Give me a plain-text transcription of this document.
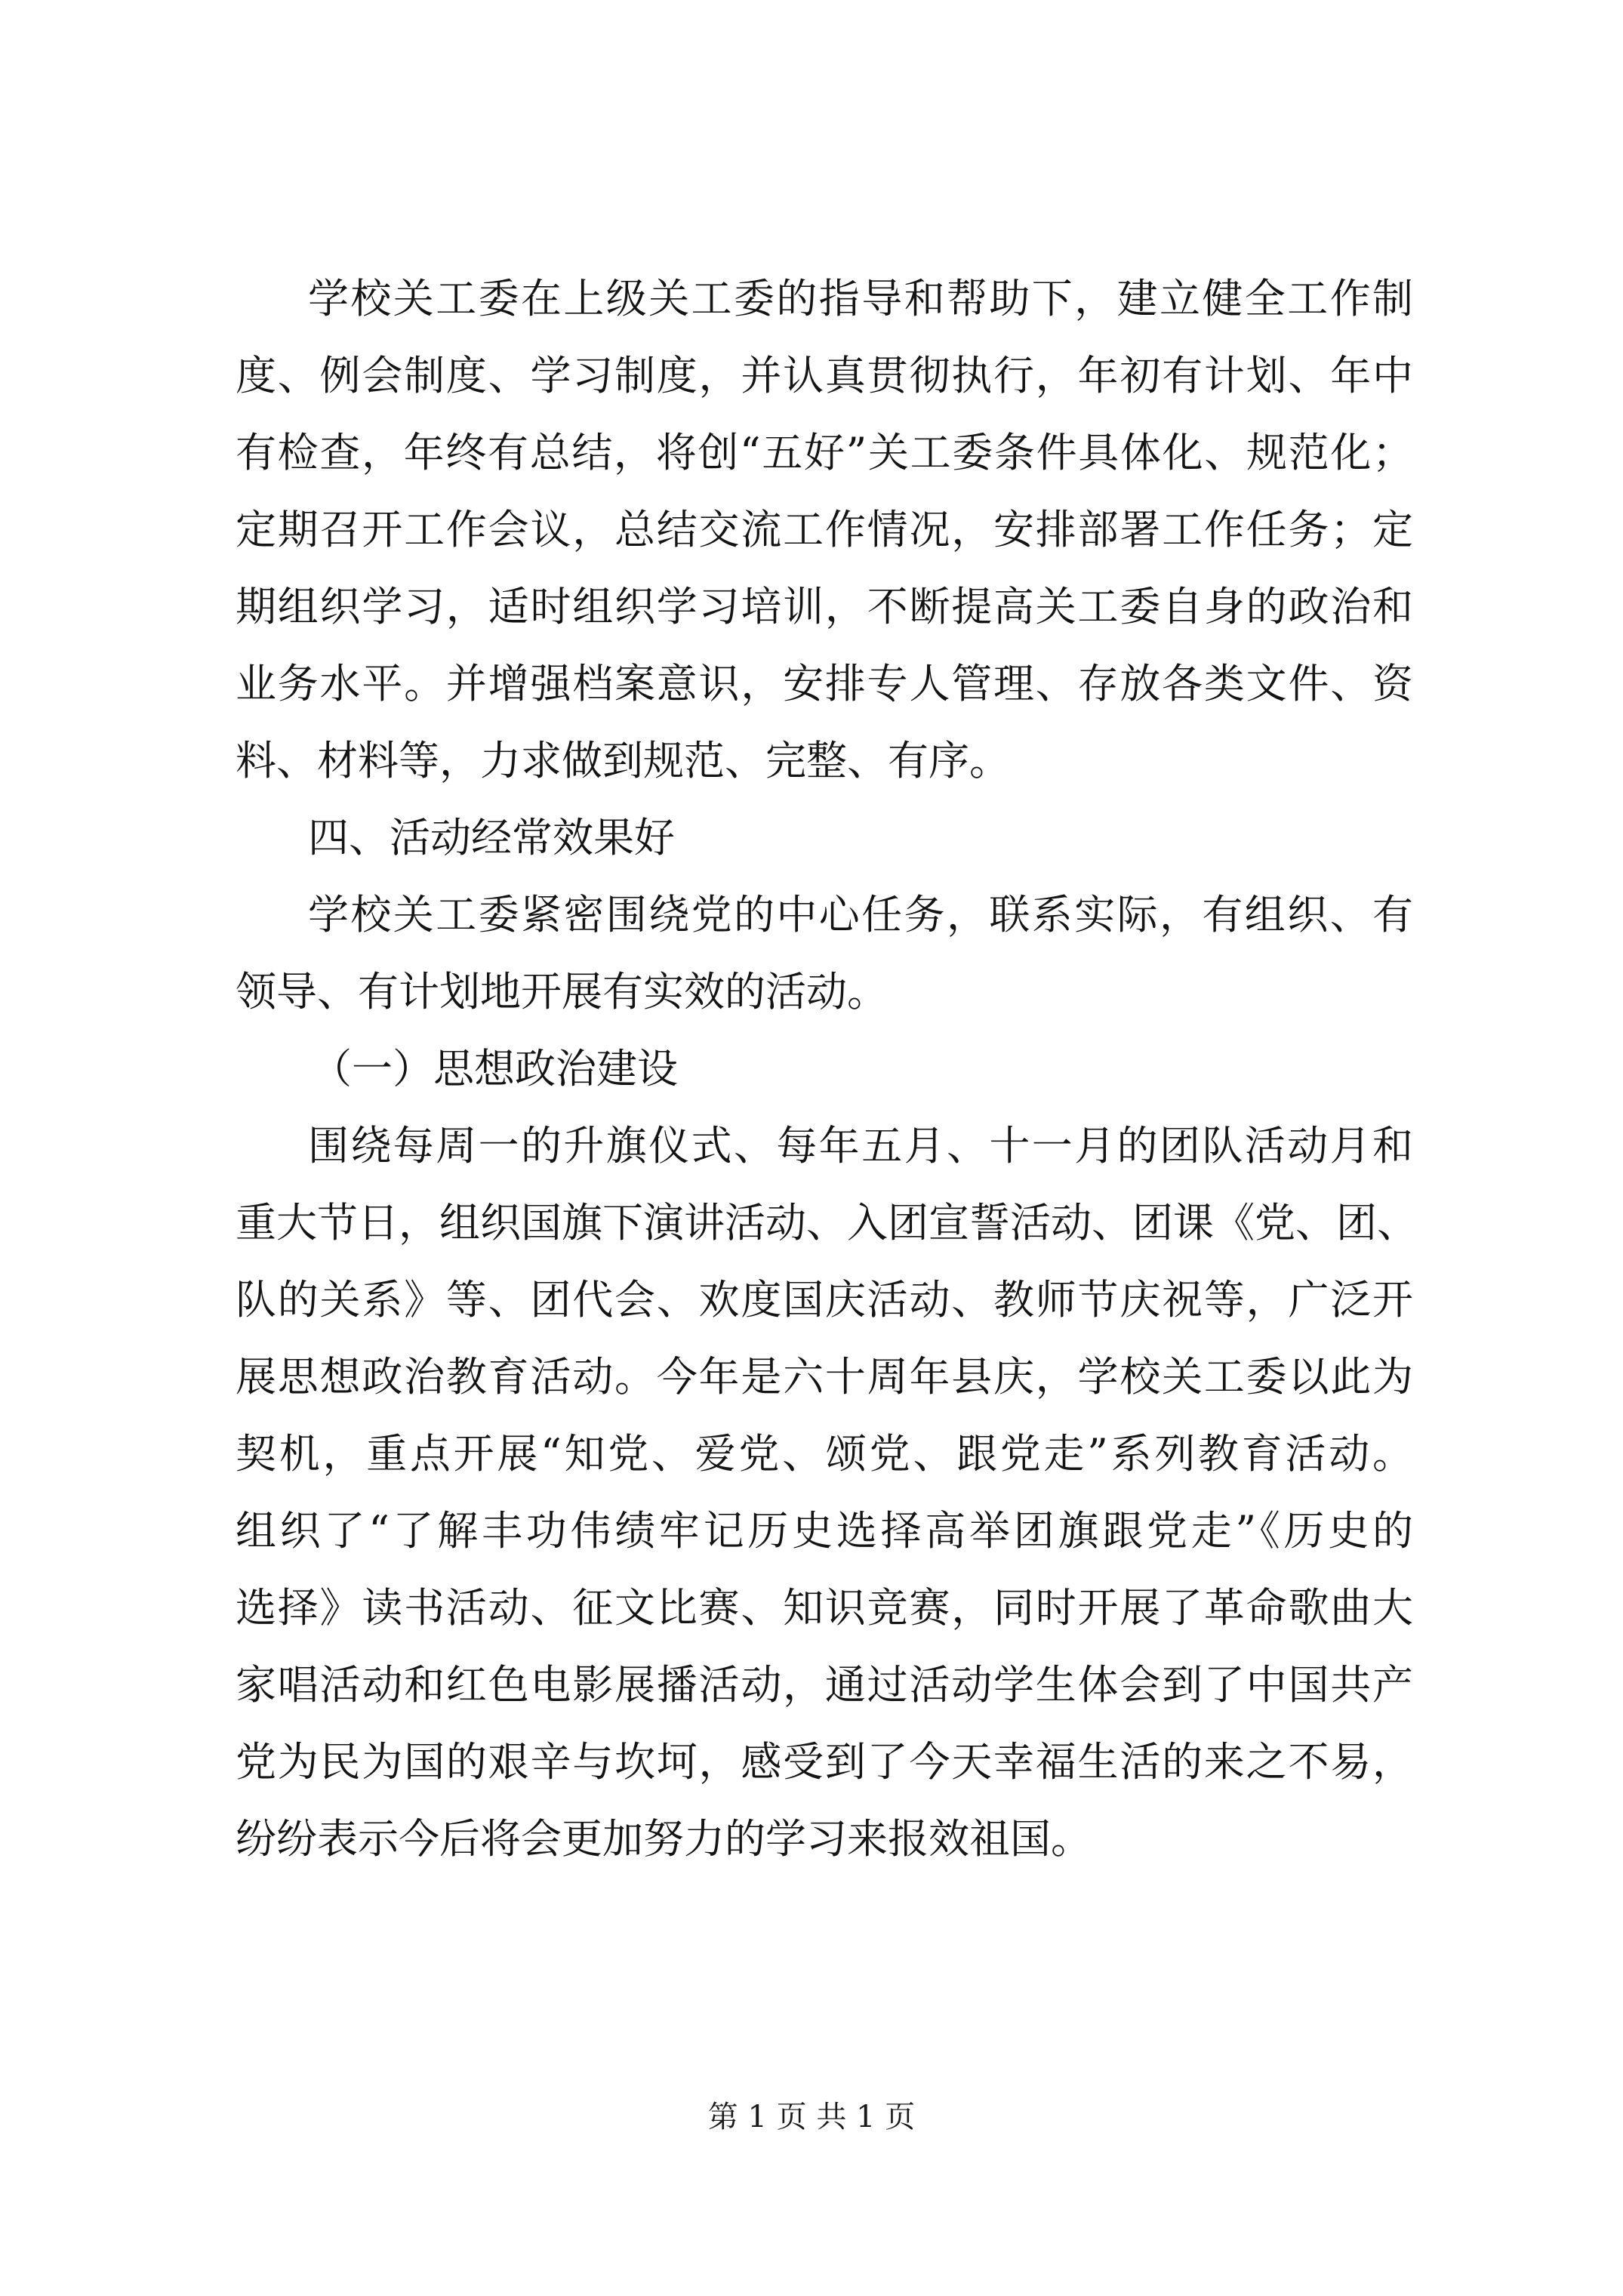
学校关工委在上级关工委的指导和帮助下，建立健全工作制
度、例会制度、学习制度，并认真贯彻执行，年初有计划、年中
有检查，年终有总结，将创“五好”关工委条件具体化、规范化；
定期召开工作会议，总结交流工作情况，安排部署工作任务；定
期组织学习，适时组织学习培训，不断提高关工委自身的政治和
业务水平。并增强档案意识，安排专人管理、存放各类文件、资
料、材料等，力求做到规范、完整、有序。
四、活动经常效果好
学校关工委紧密围绕党的中心任务，联系实际，有组织、有
领导、有计划地开展有实效的活动。
（一）思想政治建设
围绕每周一的升旗仪式、每年五月、十一月的团队活动月和
重大节日，组织国旗下演讲活动、入团宣誓活动、团课《党、团、
队的关系》等、团代会、欢度国庆活动、教师节庆祝等，广泛开
展思想政治教育活动。今年是六十周年县庆，学校关工委以此为
契机，重点开展“知党、爱党、颂党、跟党走”系列教育活动。
组织了“了解丰功伟绩牢记历史选择高举团旗跟党走”《历史的
选择》读书活动、征文比赛、知识竞赛，同时开展了革命歌曲大
家唱活动和红色电影展播活动，通过活动学生体会到了中国共产
党为民为国的艰辛与坎坷，感受到了今天幸福生活的来之不易，
纷纷表示今后将会更加努力的学习来报效祖国。
第 1 页 共 1 页
